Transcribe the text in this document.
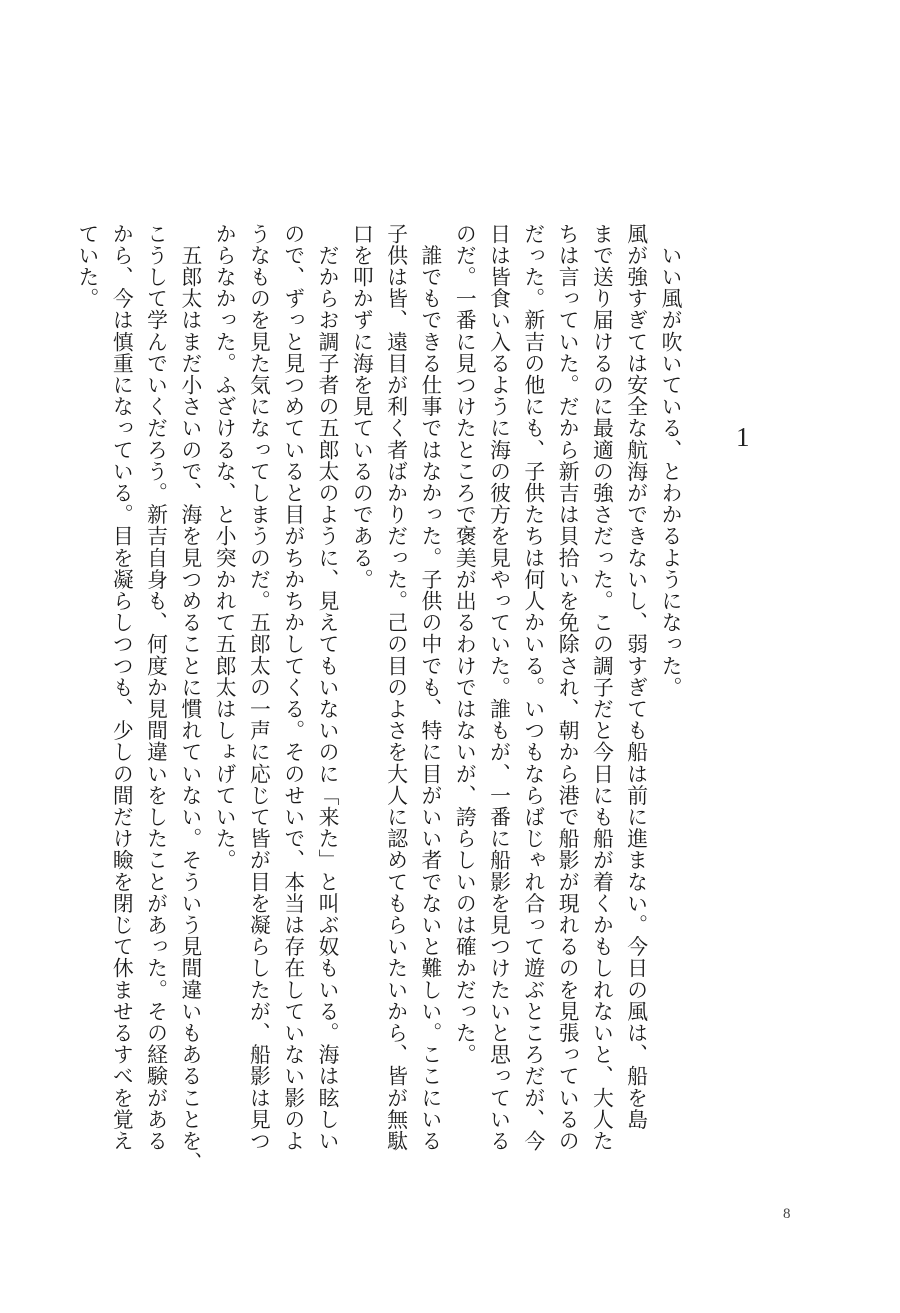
1
　いい風が吹いている、とわかるようになった。
風が強すぎては安全な航海ができないし、弱すぎても船は前に進まない。今日の風は、船を島
まで送り届けるのに最適の強さだった。この調子だと今日にも船が着くかもしれないと、大人た
ちは言っていた。だから新吉は貝拾いを免除され、朝から港で船影が現れるのを見張っているの
だった。新吉の他にも、子供たちは何人かいる。いつもならばじゃれ合って遊ぶところだが、今
日は皆食い入るように海の彼方を見やっていた。誰もが、一番に船影を見つけたいと思っている
のだ。一番に見つけたところで褒美が出るわけではないが、誇らしいのは確かだった。
　誰でもできる仕事ではなかった。子供の中でも、特に目がいい者でないと難しい。ここにいる
子供は皆、遠目が利く者ばかりだった。己の目のよさを大人に認めてもらいたいから、皆が無駄
口を叩かずに海を見ているのである。
　だからお調子者の五郎太のように、見えてもいないのに「来た」と叫ぶ奴もいる。海は眩しい
ので、ずっと見つめていると目がちかちかしてくる。そのせいで、本当は存在していない影のよ
うなものを見た気になってしまうのだ。五郎太の一声に応じて皆が目を凝らしたが、船影は見つ
からなかった。ふざけるな、と小突かれて五郎太はしょげていた。
　五郎太はまだ小さいので、海を見つめることに慣れていない。そういう見間違いもあることを、
こうして学んでいくだろう。新吉自身も、何度か見間違いをしたことがあった。その経験がある
から、今は慎重になっている。目を凝らしつつも、少しの間だけ瞼を閉じて休ませるすべを覚え
ていた。
8
